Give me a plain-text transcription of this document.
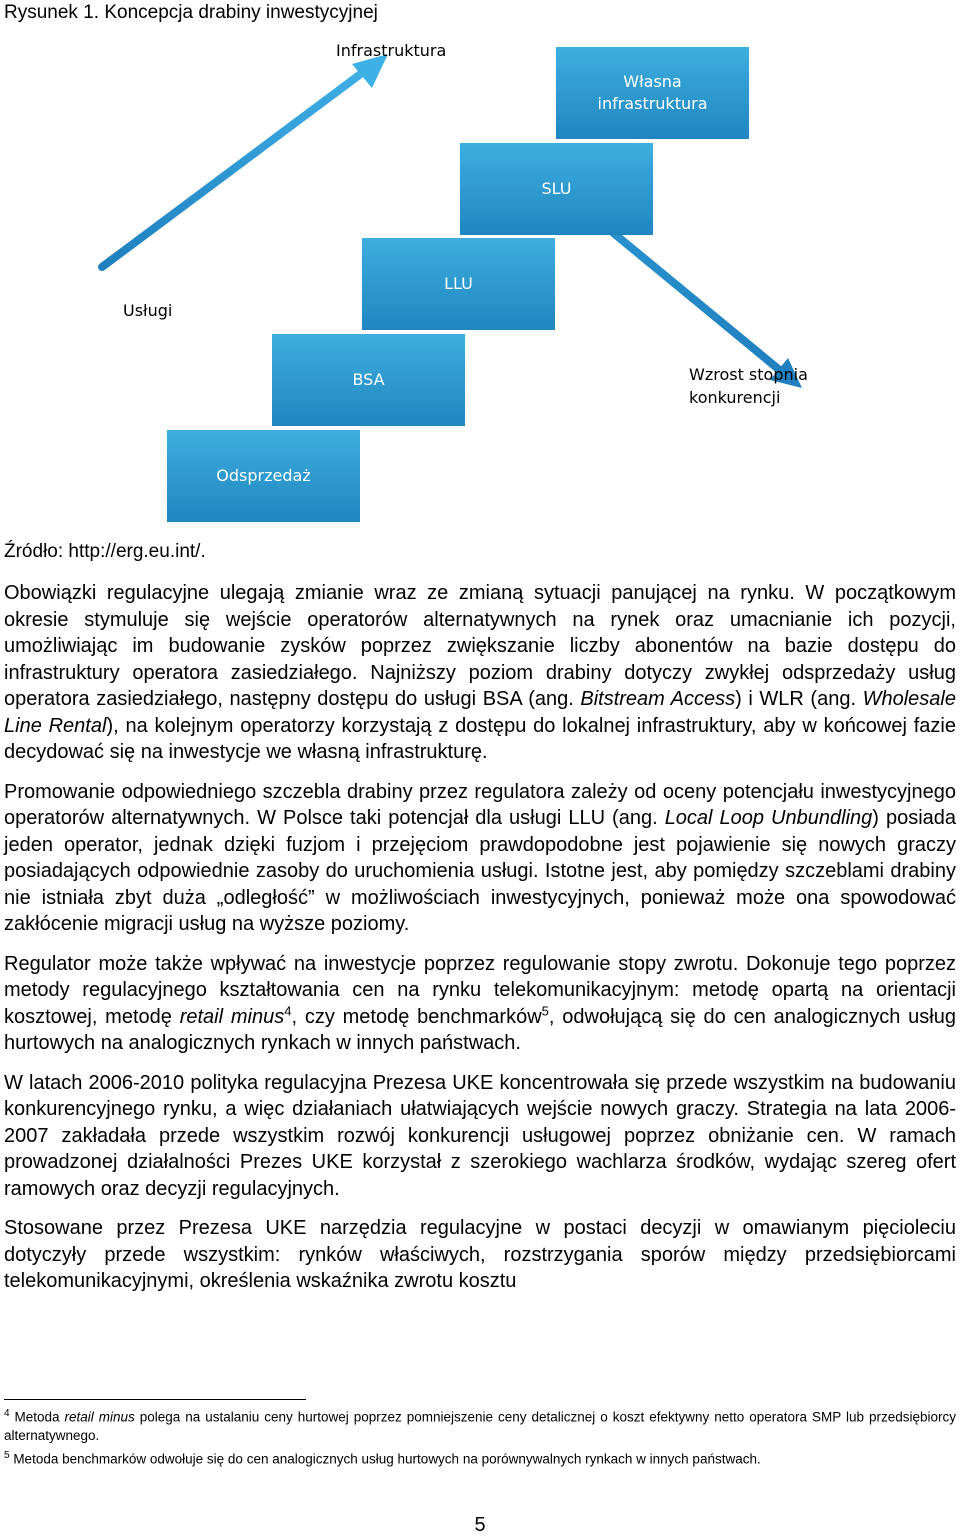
Rysunek 1. Koncepcja drabiny inwestycyjnej
Odsprzedaż
BSA
LLU
SLU
Własna infrastruktura
Infrastruktura
Usługi
Wzrost stopnia konkurencji
Źródło: http://erg.eu.int/.

Obowiązki regulacyjne ulegają zmianie wraz ze zmianą sytuacji panującej na rynku. W początkowym okresie stymuluje się wejście operatorów alternatywnych na rynek oraz umacnianie ich pozycji, umożliwiając im budowanie zysków poprzez zwiększanie liczby abonentów na bazie dostępu do infrastruktury operatora zasiedziałego. Najniższy poziom drabiny dotyczy zwykłej odsprzedaży usług operatora zasiedziałego, następny dostępu do usługi BSA (ang. Bitstream Access) i WLR (ang. Wholesale Line Rental), na kolejnym operatorzy korzystają z dostępu do lokalnej infrastruktury, aby w końcowej fazie decydować się na inwestycje we własną infrastrukturę.

Promowanie odpowiedniego szczebla drabiny przez regulatora zależy od oceny potencjału inwestycyjnego operatorów alternatywnych. W Polsce taki potencjał dla usługi LLU (ang. Local Loop Unbundling) posiada jeden operator, jednak dzięki fuzjom i przejęciom prawdopodobne jest pojawienie się nowych graczy posiadających odpowiednie zasoby do uruchomienia usługi. Istotne jest, aby pomiędzy szczeblami drabiny nie istniała zbyt duża „odległość” w możliwościach inwestycyjnych, ponieważ może ona spowodować zakłócenie migracji usług na wyższe poziomy.

Regulator może także wpływać na inwestycje poprzez regulowanie stopy zwrotu. Dokonuje tego poprzez metody regulacyjnego kształtowania cen na rynku telekomunikacyjnym: metodę opartą na orientacji kosztowej, metodę retail minus$^4$, czy metodę benchmarków$^5$, odwołującą się do cen analogicznych usług hurtowych na analogicznych rynkach w innych państwach.

W latach 2006-2010 polityka regulacyjna Prezesa UKE koncentrowała się przede wszystkim na budowaniu konkurencyjnego rynku, a więc działaniach ułatwiających wejście nowych graczy. Strategia na lata 2006-2007 zakładała przede wszystkim rozwój konkurencji usługowej poprzez obniżanie cen. W ramach prowadzonej działalności Prezes UKE korzystał z szerokiego wachlarza środków, wydając szereg ofert ramowych oraz decyzji regulacyjnych.

Stosowane przez Prezesa UKE narzędzia regulacyjne w postaci decyzji w omawianym pięcioleciu dotyczyły przede wszystkim: rynków właściwych, rozstrzygania sporów między przedsiębiorcami telekomunikacyjnymi, określenia wskaźnika zwrotu kosztu

$^4$ Metoda retail minus polega na ustalaniu ceny hurtowej poprzez pomniejszenie ceny detalicznej o koszt efektywny netto operatora SMP lub przedsiębiorcy alternatywnego.

$^5$ Metoda benchmarków odwołuje się do cen analogicznych usług hurtowych na porównywalnych rynkach w innych państwach.

5
